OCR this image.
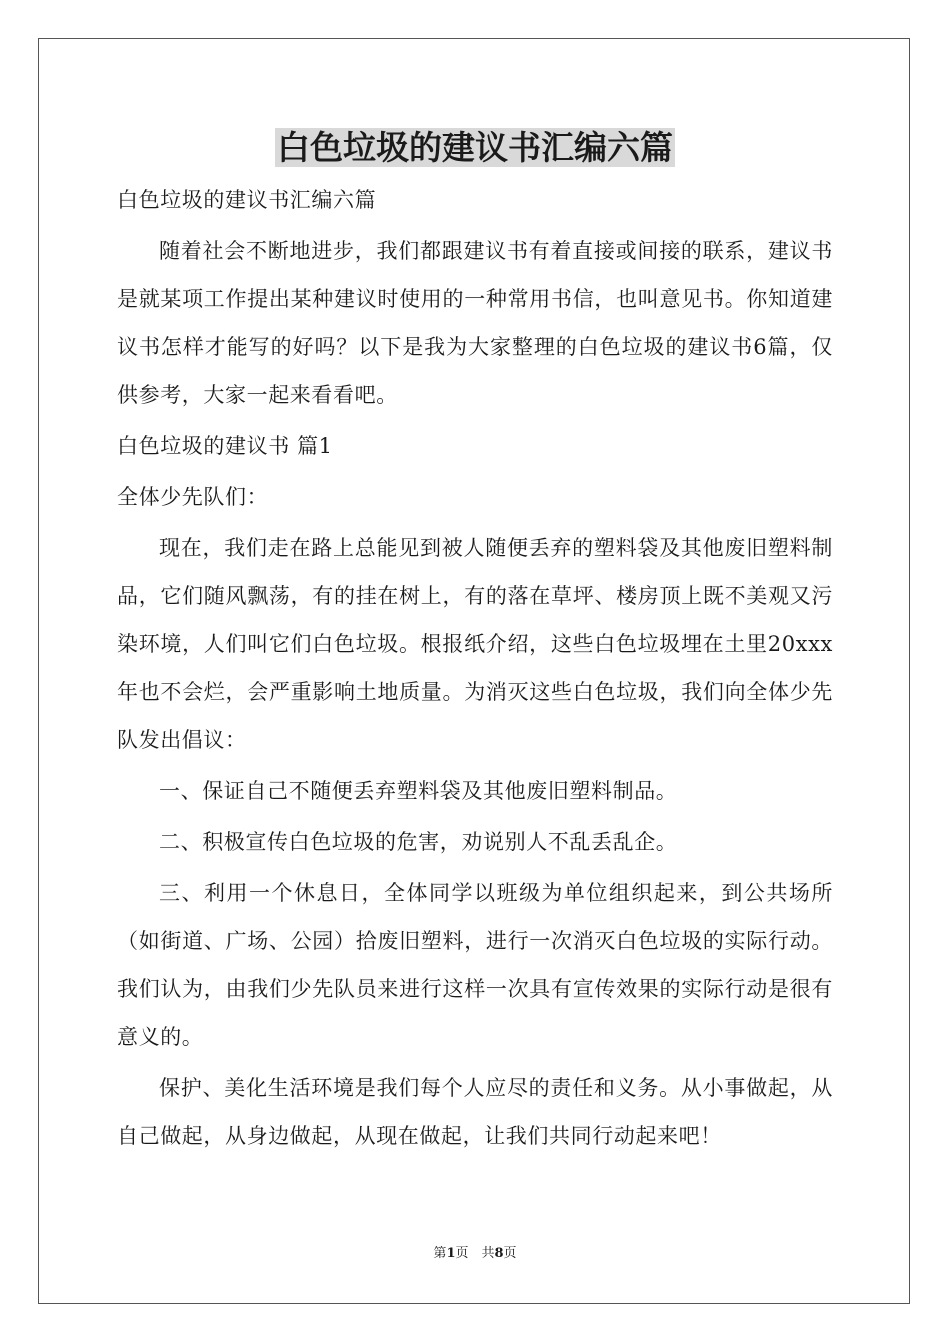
白色垃圾的建议书汇编六篇

白色垃圾的建议书汇编六篇

随着社会不断地进步，我们都跟建议书有着直接或间接的联系，建议书是就某项工作提出某种建议时使用的一种常用书信，也叫意见书。你知道建议书怎样才能写的好吗？以下是我为大家整理的白色垃圾的建议书6篇，仅供参考，大家一起来看看吧。

白色垃圾的建议书 篇1

全体少先队们：

现在，我们走在路上总能见到被人随便丢弃的塑料袋及其他废旧塑料制品，它们随风飘荡，有的挂在树上，有的落在草坪、楼房顶上既不美观又污染环境，人们叫它们白色垃圾。根报纸介绍，这些白色垃圾埋在土里20xxx年也不会烂，会严重影响土地质量。为消灭这些白色垃圾，我们向全体少先队发出倡议：

一、保证自己不随便丢弃塑料袋及其他废旧塑料制品。

二、积极宣传白色垃圾的危害，劝说别人不乱丢乱企。

三、利用一个休息日，全体同学以班级为单位组织起来，到公共场所（如街道、广场、公园）拾废旧塑料，进行一次消灭白色垃圾的实际行动。我们认为，由我们少先队员来进行这样一次具有宣传效果的实际行动是很有意义的。

保护、美化生活环境是我们每个人应尽的责任和义务。从小事做起，从自己做起，从身边做起，从现在做起，让我们共同行动起来吧！

第1页　共8页
